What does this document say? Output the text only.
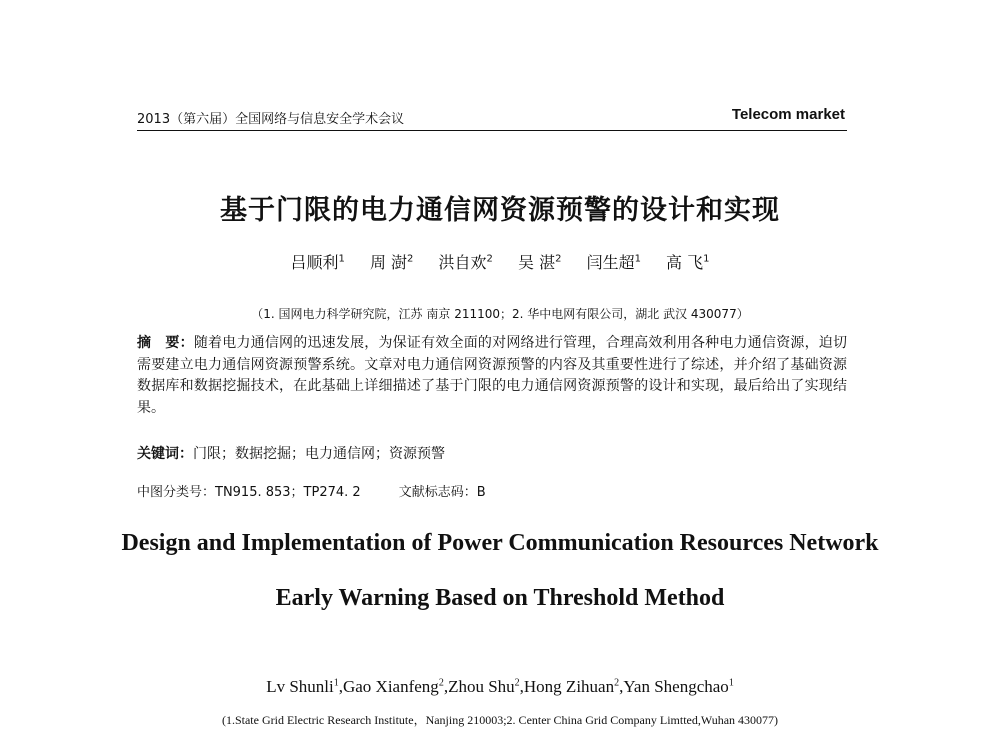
2013（第六届）全国网络与信息安全学术会议	Telecom market
基于门限的电力通信网资源预警的设计和实现
吕顺利$^1$ 周 澍$^2$ 洪自欢$^2$ 吴 湛$^2$ 闫生超$^1$ 高 飞$^1$
（1. 国网电力科学研究院，江苏 南京 211100；2. 华中电网有限公司，湖北 武汉 430077）
摘　要：随着电力通信网的迅速发展，为保证有效全面的对网络进行管理，合理高效利用各种电力通信资源，迫切需要建立电力通信网资源预警系统。文章对电力通信网资源预警的内容及其重要性进行了综述，并介绍了基础资源数据库和数据挖掘技术，在此基础上详细描述了基于门限的电力通信网资源预警的设计和实现，最后给出了实现结果。
关键词：门限；数据挖掘；电力通信网；资源预警
中图分类号：TN915. 853；TP274. 2	文献标志码：B
Design and Implementation of Power Communication Resources Network Early Warning Based on Threshold Method
Lv Shunli$^1$,Gao Xianfeng$^2$,Zhou Shu$^2$,Hong Zihuan$^2$,Yan Shengchao$^1$
(1.State Grid Electric Research Institute，Nanjing 210003;2. Center China Grid Company Limtted,Wuhan 430077)
